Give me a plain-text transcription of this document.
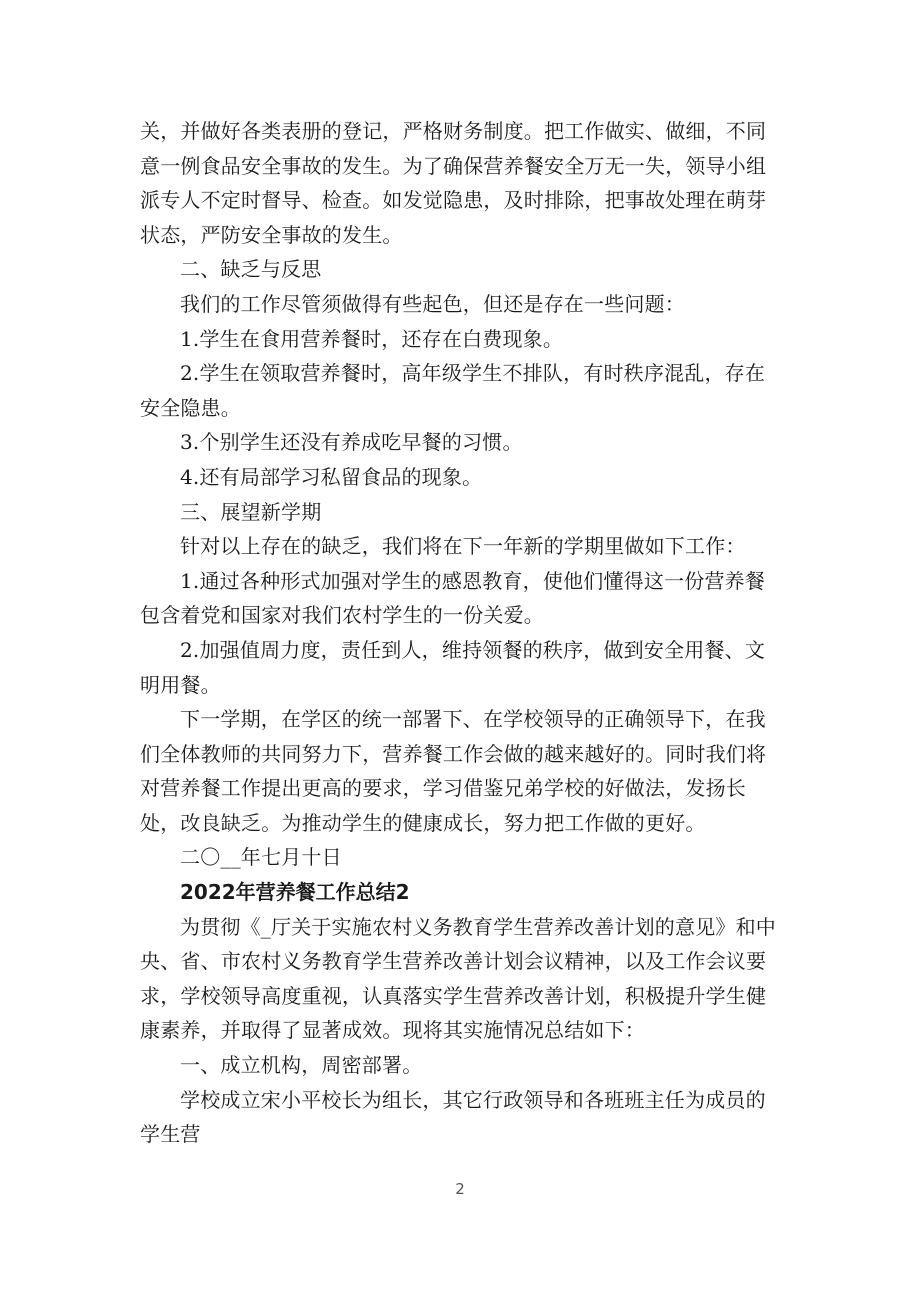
关，并做好各类表册的登记，严格财务制度。把工作做实、做细，不同意一例食品安全事故的发生。为了确保营养餐安全万无一失，领导小组派专人不定时督导、检查。如发觉隐患，及时排除，把事故处理在萌芽状态，严防安全事故的发生。

二、缺乏与反思

我们的工作尽管须做得有些起色，但还是存在一些问题：

1.学生在食用营养餐时，还存在白费现象。

2.学生在领取营养餐时，高年级学生不排队，有时秩序混乱，存在安全隐患。

3.个别学生还没有养成吃早餐的习惯。

4.还有局部学习私留食品的现象。

三、展望新学期

针对以上存在的缺乏，我们将在下一年新的学期里做如下工作：

1.通过各种形式加强对学生的感恩教育，使他们懂得这一份营养餐包含着党和国家对我们农村学生的一份关爱。

2.加强值周力度，责任到人，维持领餐的秩序，做到安全用餐、文明用餐。

下一学期，在学区的统一部署下、在学校领导的正确领导下，在我们全体教师的共同努力下，营养餐工作会做的越来越好的。同时我们将对营养餐工作提出更高的要求，学习借鉴兄弟学校的好做法，发扬长处，改良缺乏。为推动学生的健康成长，努力把工作做的更好。

二〇__年七月十日

2022年营养餐工作总结2

为贯彻《_厅关于实施农村义务教育学生营养改善计划的意见》和中央、省、市农村义务教育学生营养改善计划会议精神，以及工作会议要求，学校领导高度重视，认真落实学生营养改善计划，积极提升学生健康素养，并取得了显著成效。现将其实施情况总结如下：

一、成立机构，周密部署。

学校成立宋小平校长为组长，其它行政领导和各班班主任为成员的学生营

2
